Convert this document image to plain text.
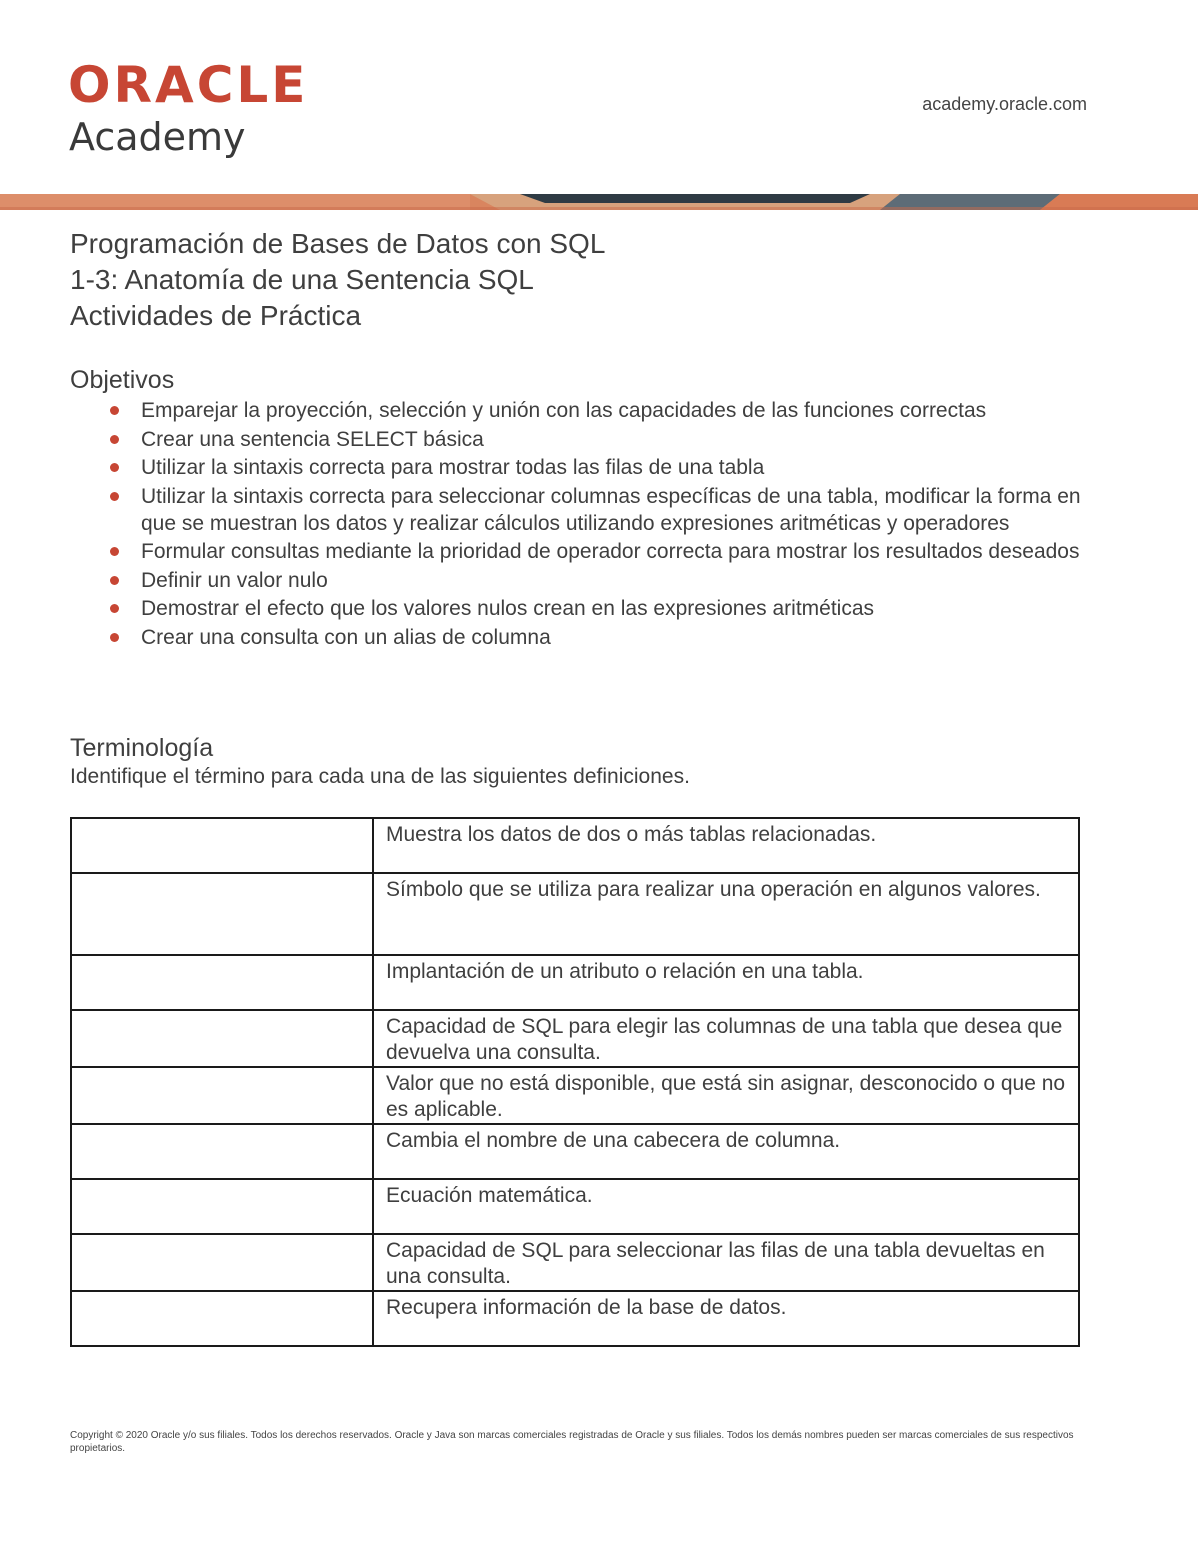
ORACLE
Academy
academy.oracle.com
Programación de Bases de Datos con SQL
1-3: Anatomía de una Sentencia SQL
Actividades de Práctica
Objetivos
Emparejar la proyección, selección y unión con las capacidades de las funciones correctas
Crear una sentencia SELECT básica
Utilizar la sintaxis correcta para mostrar todas las filas de una tabla
Utilizar la sintaxis correcta para seleccionar columnas específicas de una tabla, modificar la forma en que se muestran los datos y realizar cálculos utilizando expresiones aritméticas y operadores
Formular consultas mediante la prioridad de operador correcta para mostrar los resultados deseados
Definir un valor nulo
Demostrar el efecto que los valores nulos crean en las expresiones aritméticas
Crear una consulta con un alias de columna
Terminología
Identifique el término para cada una de las siguientes definiciones.
	Muestra los datos de dos o más tablas relacionadas.
	Símbolo que se utiliza para realizar una operación en algunos valores.
	Implantación de un atributo o relación en una tabla.
	Capacidad de SQL para elegir las columnas de una tabla que desea que devuelva una consulta.
	Valor que no está disponible, que está sin asignar, desconocido o que no es aplicable.
	Cambia el nombre de una cabecera de columna.
	Ecuación matemática.
	Capacidad de SQL para seleccionar las filas de una tabla devueltas en una consulta.
	Recupera información de la base de datos.
Copyright © 2020 Oracle y/o sus filiales. Todos los derechos reservados. Oracle y Java son marcas comerciales registradas de Oracle y sus filiales. Todos los demás nombres pueden ser marcas comerciales de sus respectivos propietarios.
